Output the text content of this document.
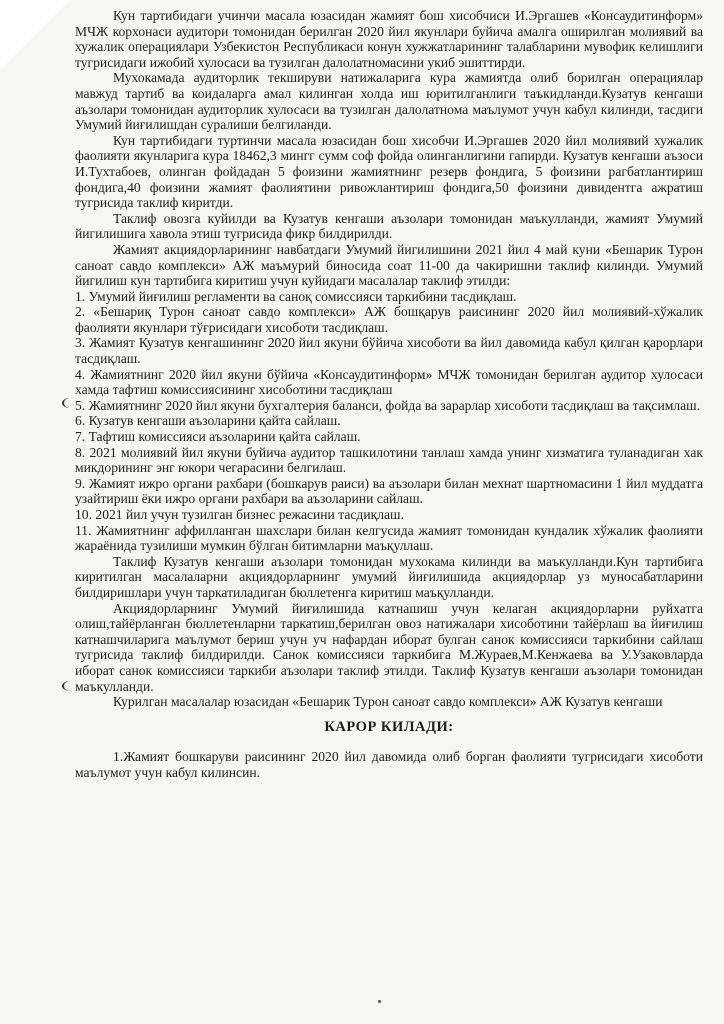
Кун тартибидаги учинчи масала юзасидан жамият бош хисобчиси И.Эргашев «Консаудитинформ» МЧЖ корхонаси аудитори томонидан берилган 2020 йил якунлари буйича амалга оширилган молиявий ва хужалик операциялари Узбекистон Республикаси конун хужжатларининг талабларини мувофик келишлиги тугрисидаги ижобий хулосаси ва тузилган далолатномасини укиб эшиттирди.

Мухокамада аудиторлик текшируви натижаларига кура жамиятда олиб борилган операциялар мавжуд тартиб ва коидаларга амал килинган холда иш юритилганлиги таъкидланди.Кузатув кенгаши аъзолари томонидан аудиторлик хулосаси ва тузилган далолатнома маълумот учун кабул килинди, тасдиги Умумий йиғилишдан суралиши белгиланди.

Кун тартибидаги туртинчи масала юзасидан бош хисобчи И.Эргашев 2020 йил молиявий хужалик фаолияти якунларига кура 18462,3 мингг сумм соф фойда олинганлигини гапирди. Кузатув кенгаши аъзоси И.Тухтабоев, олинган фойдадан 5 фоизини жамиятнинг резерв фондига, 5 фоизини рагбатлантириш фондига,40 фоизини жамият фаолиятини ривожлантириш фондига,50 фоизини дивидентга ажратиш тугрисида таклиф киритди.

Таклиф овозга куйилди ва Кузатув кенгаши аъзолари томонидан маъкулланди, жамият Умумий йигилишига хавола этиш тугрисида фикр билдирилди.

Жамият акциядорларининг навбатдаги Умумий йигилишини 2021 йил 4 май куни «Бешарик Турон саноат савдо комплекси» АЖ маъмурий биносида соат 11-00 да чакиришни таклиф килинди. Умумий йигилиш кун тартибига киритиш учун куйидаги масалалар таклиф этилди:

1. Умумий йиғилиш регламенти ва саноқ сомиссияси таркибини тасдиқлаш.

2. «Бешариқ Турон саноат савдо комплекси» АЖ бошқарув раисининг 2020 йил молиявий-хўжалик фаолияти якунлари тўғрисидаги хисоботи тасдиқлаш.

3. Жамият Кузатув кенгашининг 2020 йил якуни бўйича хисоботи ва йил давомида кабул қилган қарорлари тасдиқлаш.

4. Жамиятнинг 2020 йил якуни бўйича «Консаудитинформ» МЧЖ томонидан берилган аудитор хулосаси хамда тафтиш комиссиясининг хисоботини тасдиқлаш

5. Жамиятнинг 2020 йил якуни бухгалтерия баланси, фойда ва зарарлар хисоботи тасдиқлаш ва тақсимлаш.

6. Кузатув кенгаши аъзоларини қайта сайлаш.

7. Тафтиш комиссияси аъзоларини қайта сайлаш.

8. 2021 молиявий йил якуни буйича аудитор ташкилотини танлаш хамда унинг хизматига туланадиган хак микдорининг энг юкори чегарасини белгилаш.

9. Жамият ижро органи рахбари (бошкарув раиси) ва аъзолари билан мехнат шартномасини 1 йил муддатга узайтириш ёки ижро органи рахбари ва аъзоларини сайлаш.

10. 2021 йил учун тузилган бизнес режасини тасдиқлаш.

11. Жамиятнинг аффилланган шахслари билан келгусида жамият томонидан кундалик хўжалик фаолияти жараёнида тузилиши мумкин бўлган битимларни маъқуллаш.

Таклиф Кузатув кенгаши аъзолари томонидан мухокама килинди ва маъкулланди.Кун тартибига киритилган масалаларни акциядорларнинг умумий йиғилишида акциядорлар уз муносабатларини билдиришлари учун таркатиладиган бюллетенга киритиш маъқулланди.

Акциядорларнинг Умумий йиғилишида катнашиш учун келаган акциядорларни руйхатга олиш,тайёрланган бюллетенларни таркатиш,берилган овоз натижалари хисоботини тайёрлаш ва йиғилиш катнашчиларига маълумот бериш учун уч нафардан иборат булган санок комиссияси таркибини сайлаш тугрисида таклиф билдирилди. Санок комиссияси таркибига М.Жураев,М.Кенжаева ва У.Узаковларда иборат санок комиссияси таркиби аъзолари таклиф этилди. Таклиф Кузатув кенгаши аъзолари томонидан маъкулланди.

Курилган масалалар юзасидан «Бешарик Турон саноат савдо комплекси» АЖ Кузатув кенгаши

КАРОР КИЛАДИ:

1.Жамият бошкаруви раисининг 2020 йил давомида олиб борган фаолияти тугрисидаги хисоботи маълумот учун кабул килинсин.
